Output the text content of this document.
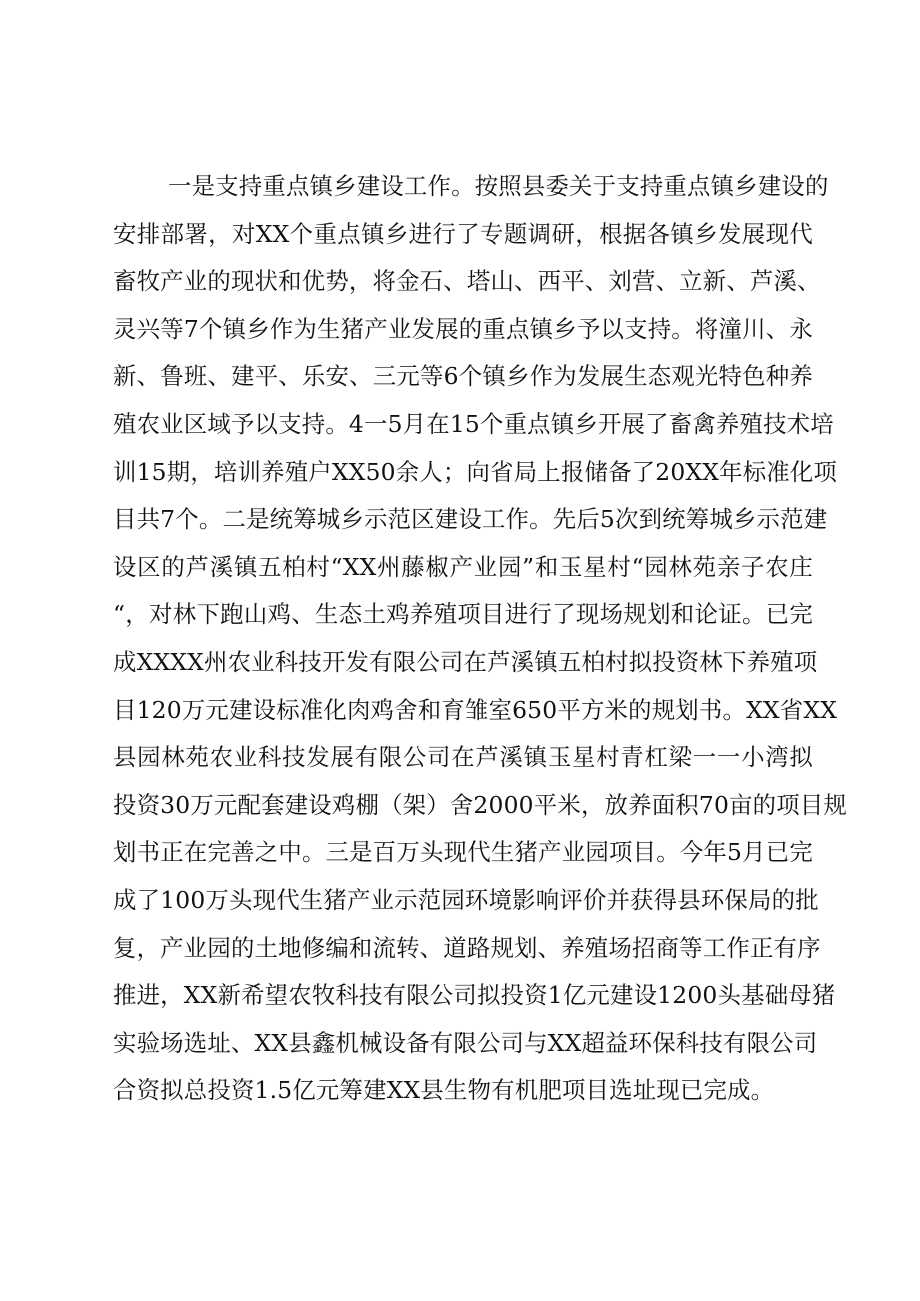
一是支持重点镇乡建设工作。按照县委关于支持重点镇乡建设的
安排部署，对XX个重点镇乡进行了专题调研，根据各镇乡发展现代
畜牧产业的现状和优势，将金石、塔山、西平、刘营、立新、芦溪、
灵兴等7个镇乡作为生猪产业发展的重点镇乡予以支持。将潼川、永
新、鲁班、建平、乐安、三元等6个镇乡作为发展生态观光特色种养
殖农业区域予以支持。4一5月在15个重点镇乡开展了畜禽养殖技术培
训15期，培训养殖户XX50余人；向省局上报储备了20XX年标准化项
目共7个。二是统筹城乡示范区建设工作。先后5次到统筹城乡示范建
设区的芦溪镇五柏村“XX州藤椒产业园”和玉星村“园林苑亲子农庄
“，对林下跑山鸡、生态土鸡养殖项目进行了现场规划和论证。已完
成XXXX州农业科技开发有限公司在芦溪镇五柏村拟投资林下养殖项
目120万元建设标准化肉鸡舍和育雏室650平方米的规划书。XX省XX
县园林苑农业科技发展有限公司在芦溪镇玉星村青杠梁一一小湾拟
投资30万元配套建设鸡棚（架）舍2000平米，放养面积70亩的项目规
划书正在完善之中。三是百万头现代生猪产业园项目。今年5月已完
成了100万头现代生猪产业示范园环境影响评价并获得县环保局的批
复，产业园的土地修编和流转、道路规划、养殖场招商等工作正有序
推进，XX新希望农牧科技有限公司拟投资1亿元建设1200头基础母猪
实验场选址、XX县鑫机械设备有限公司与XX超益环保科技有限公司
合资拟总投资1.5亿元筹建XX县生物有机肥项目选址现已完成。
